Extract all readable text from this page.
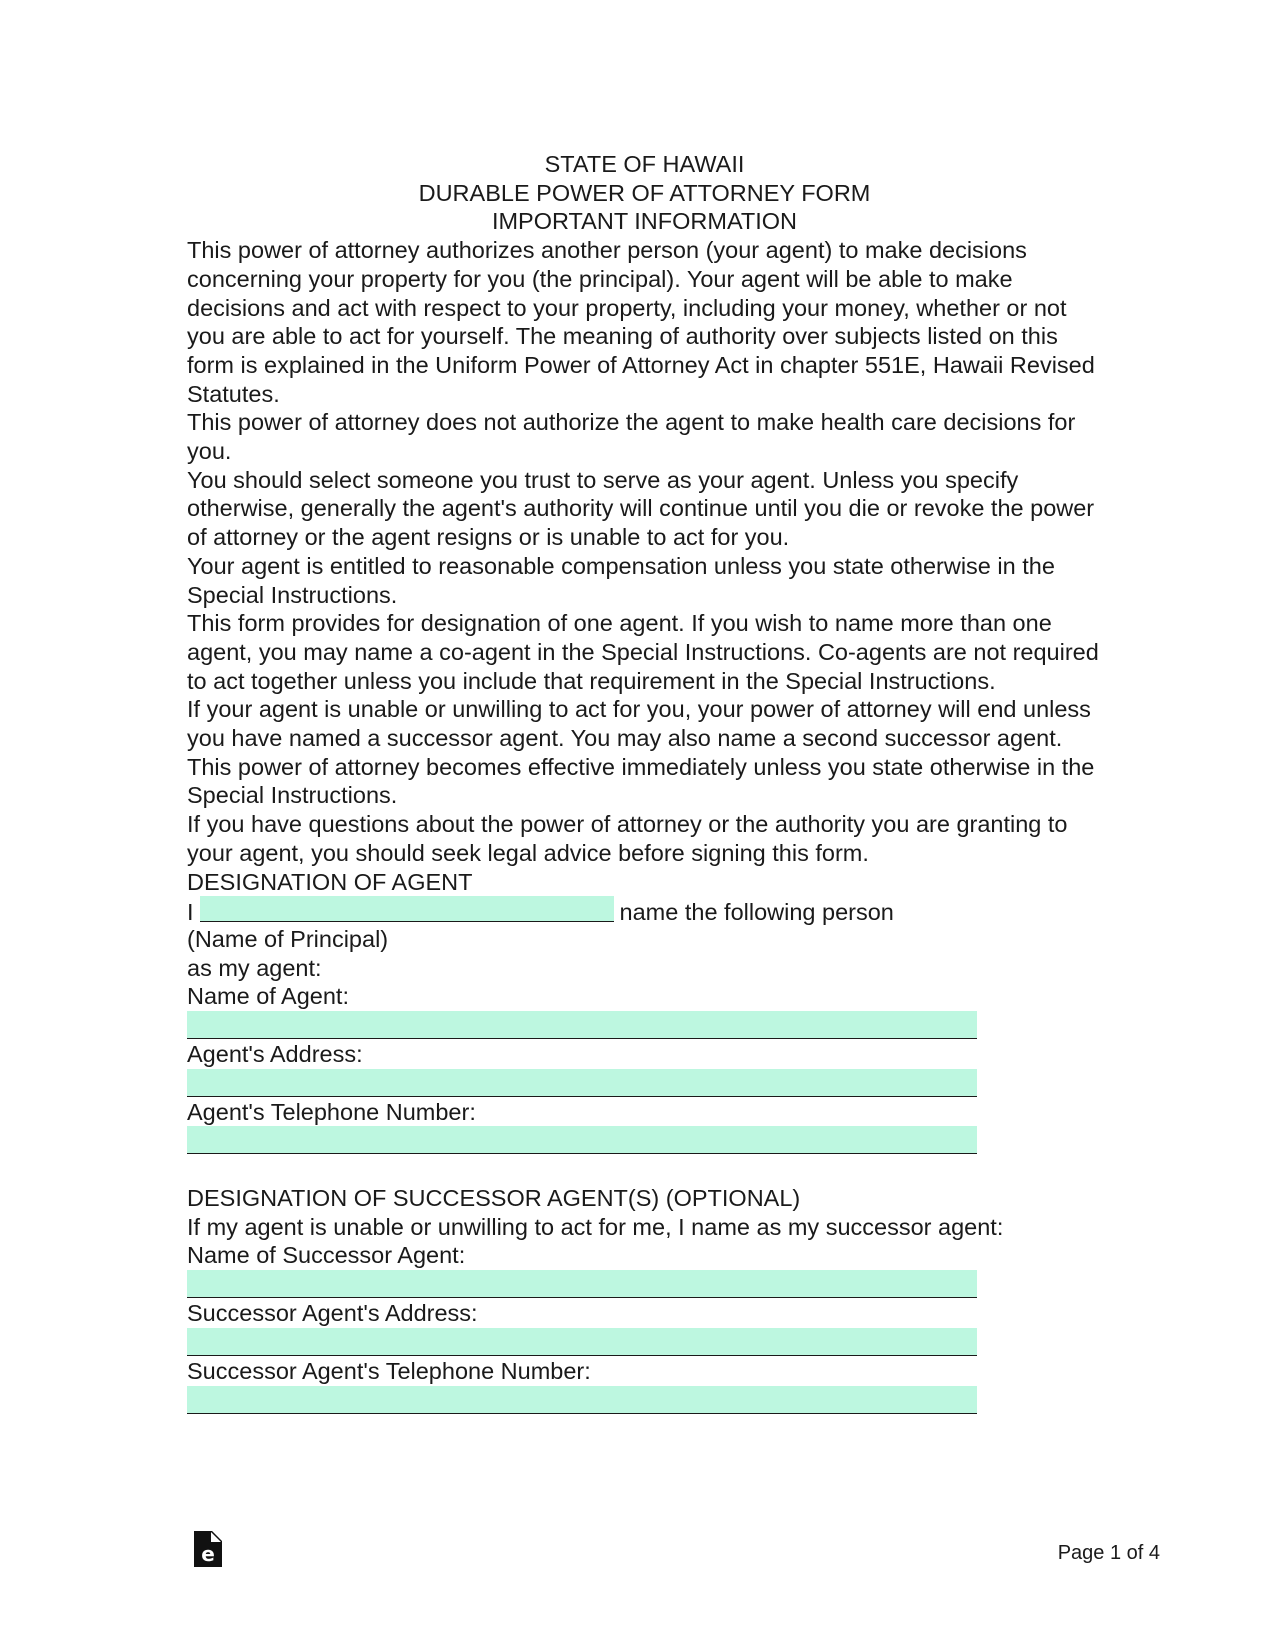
STATE OF HAWAII
DURABLE POWER OF ATTORNEY FORM
IMPORTANT INFORMATION

This power of attorney authorizes another person (your agent) to make decisions concerning your property for you (the principal). Your agent will be able to make decisions and act with respect to your property, including your money, whether or not you are able to act for yourself. The meaning of authority over subjects listed on this form is explained in the Uniform Power of Attorney Act in chapter 551E, Hawaii Revised Statutes.

This power of attorney does not authorize the agent to make health care decisions for you.

You should select someone you trust to serve as your agent. Unless you specify otherwise, generally the agent's authority will continue until you die or revoke the power of attorney or the agent resigns or is unable to act for you.

Your agent is entitled to reasonable compensation unless you state otherwise in the Special Instructions.

This form provides for designation of one agent. If you wish to name more than one agent, you may name a co-agent in the Special Instructions. Co-agents are not required to act together unless you include that requirement in the Special Instructions.

If your agent is unable or unwilling to act for you, your power of attorney will end unless you have named a successor agent. You may also name a second successor agent.

This power of attorney becomes effective immediately unless you state otherwise in the Special Instructions.

If you have questions about the power of attorney or the authority you are granting to your agent, you should seek legal advice before signing this form.

DESIGNATION OF AGENT
I	name the following person
(Name of Principal)
as my agent:
Name of Agent:
Agent's Address:
Agent's Telephone Number:
DESIGNATION OF SUCCESSOR AGENT(S) (OPTIONAL)
If my agent is unable or unwilling to act for me, I name as my successor agent:
Name of Successor Agent:
Successor Agent's Address:
Successor Agent's Telephone Number:
e	Page 1 of 4
